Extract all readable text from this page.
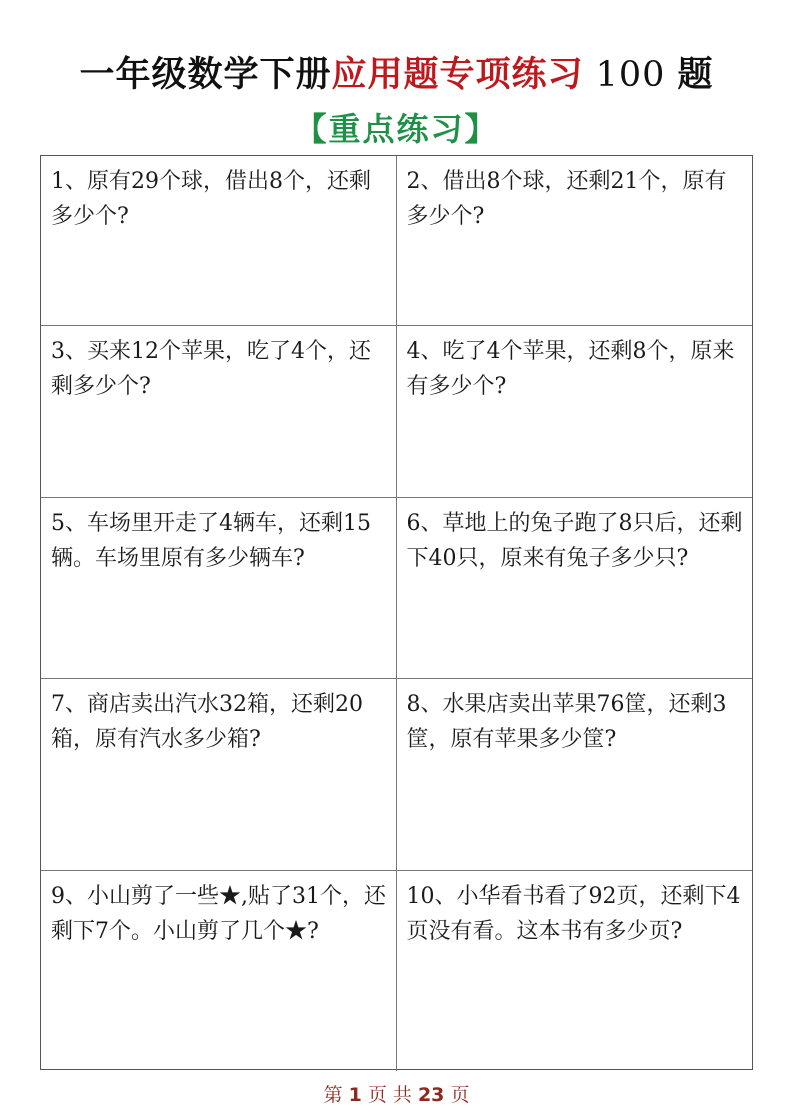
一年级数学下册应用题专项练习 100 题
【重点练习】
1、原有29个球，借出8个，还剩多少个?
2、借出8个球，还剩21个，原有多少个?
3、买来12个苹果，吃了4个，还剩多少个?
4、吃了4个苹果，还剩8个，原来有多少个?
5、车场里开走了4辆车，还剩15辆。车场里原有多少辆车?
6、草地上的兔子跑了8只后，还剩下40只，原来有兔子多少只?
7、商店卖出汽水32箱，还剩20箱，原有汽水多少箱?
8、水果店卖出苹果76筐，还剩3筐，原有苹果多少筐?
9、小山剪了一些★,贴了31个，还剩下7个。小山剪了几个★?
10、小华看书看了92页，还剩下4页没有看。这本书有多少页?
第 1 页 共 23 页
